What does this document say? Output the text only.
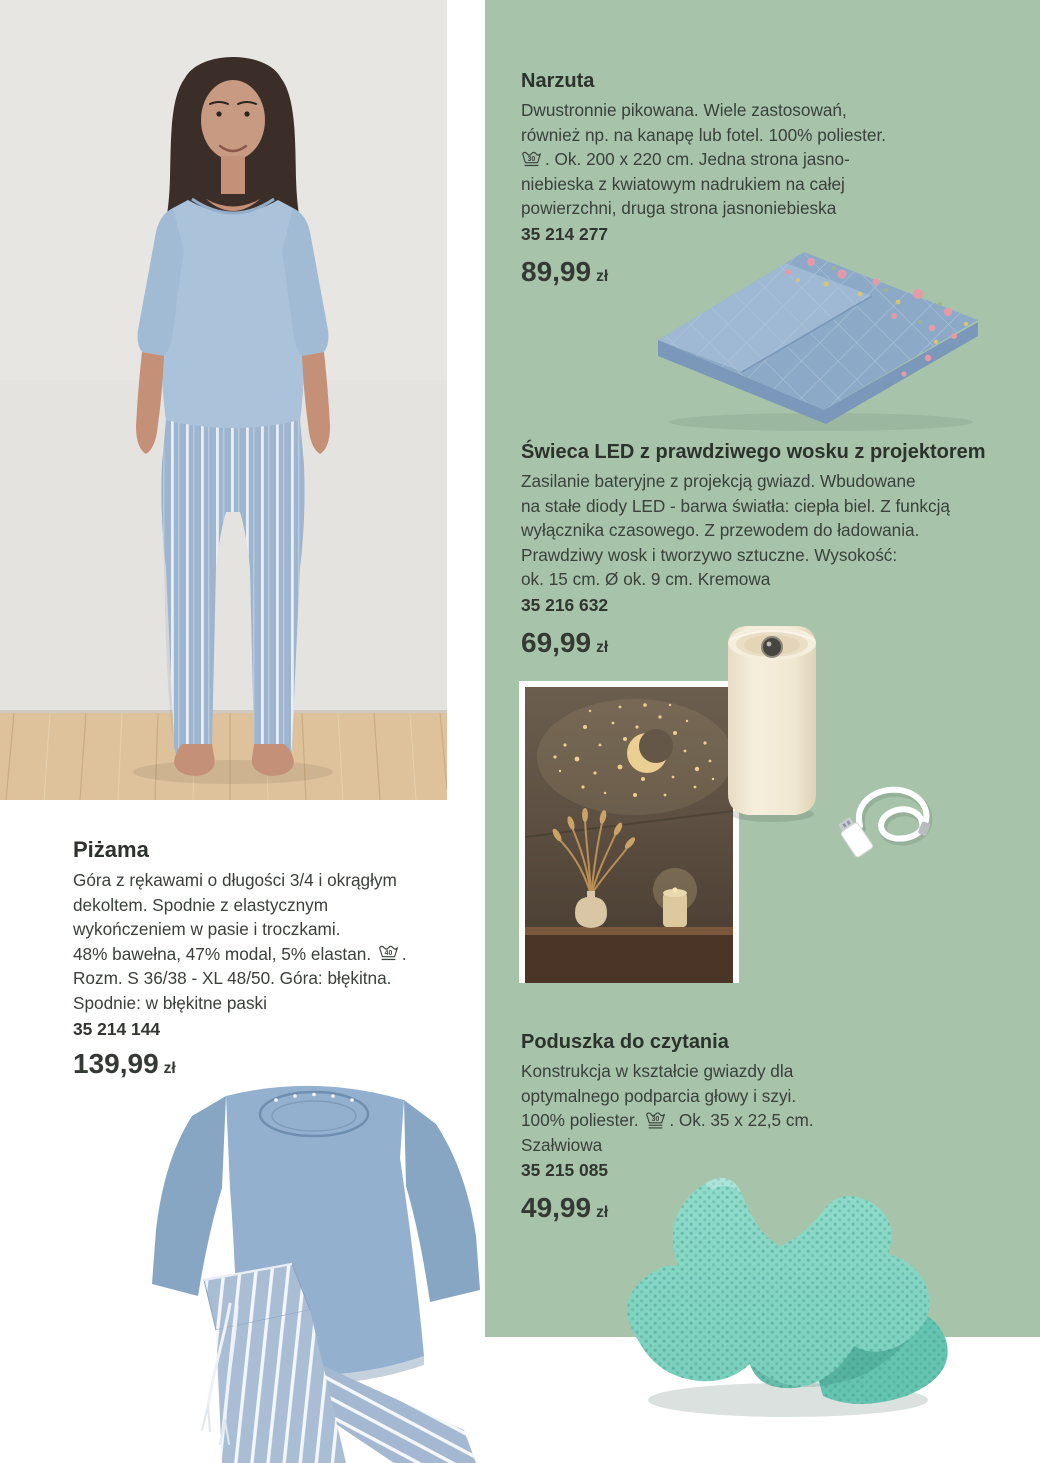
Piżama
Góra z rękawami o długości 3/4 i okrągłym
dekoltem. Spodnie z elastycznym
wykończeniem w pasie i troczkami.
48% bawełna, 47% modal, 5% elastan. 40 .
Rozm. S 36/38 - XL 48/50. Góra: błękitna.
Spodnie: w błękitne paski
35 214 144
139,99 zł
Narzuta
Dwustronnie pikowana. Wiele zastosowań,
również np. na kanapę lub fotel. 100% poliester.
30 . Ok. 200 x 220 cm. Jedna strona jasno-
niebieska z kwiatowym nadrukiem na całej
powierzchni, druga strona jasnoniebieska
35 214 277
89,99 zł
Świeca LED z prawdziwego wosku z projektorem
Zasilanie bateryjne z projekcją gwiazd. Wbudowane
na stałe diody LED - barwa światła: ciepła biel. Z funkcją
wyłącznika czasowego. Z przewodem do ładowania.
Prawdziwy wosk i tworzywo sztuczne. Wysokość:
ok. 15 cm. Ø ok. 9 cm. Kremowa
35 216 632
69,99 zł
Poduszka do czytania
Konstrukcja w kształcie gwiazdy dla
optymalnego podparcia głowy i szyi.
100% poliester. 30 . Ok. 35 x 22,5 cm.
Szałwiowa
35 215 085
49,99 zł
